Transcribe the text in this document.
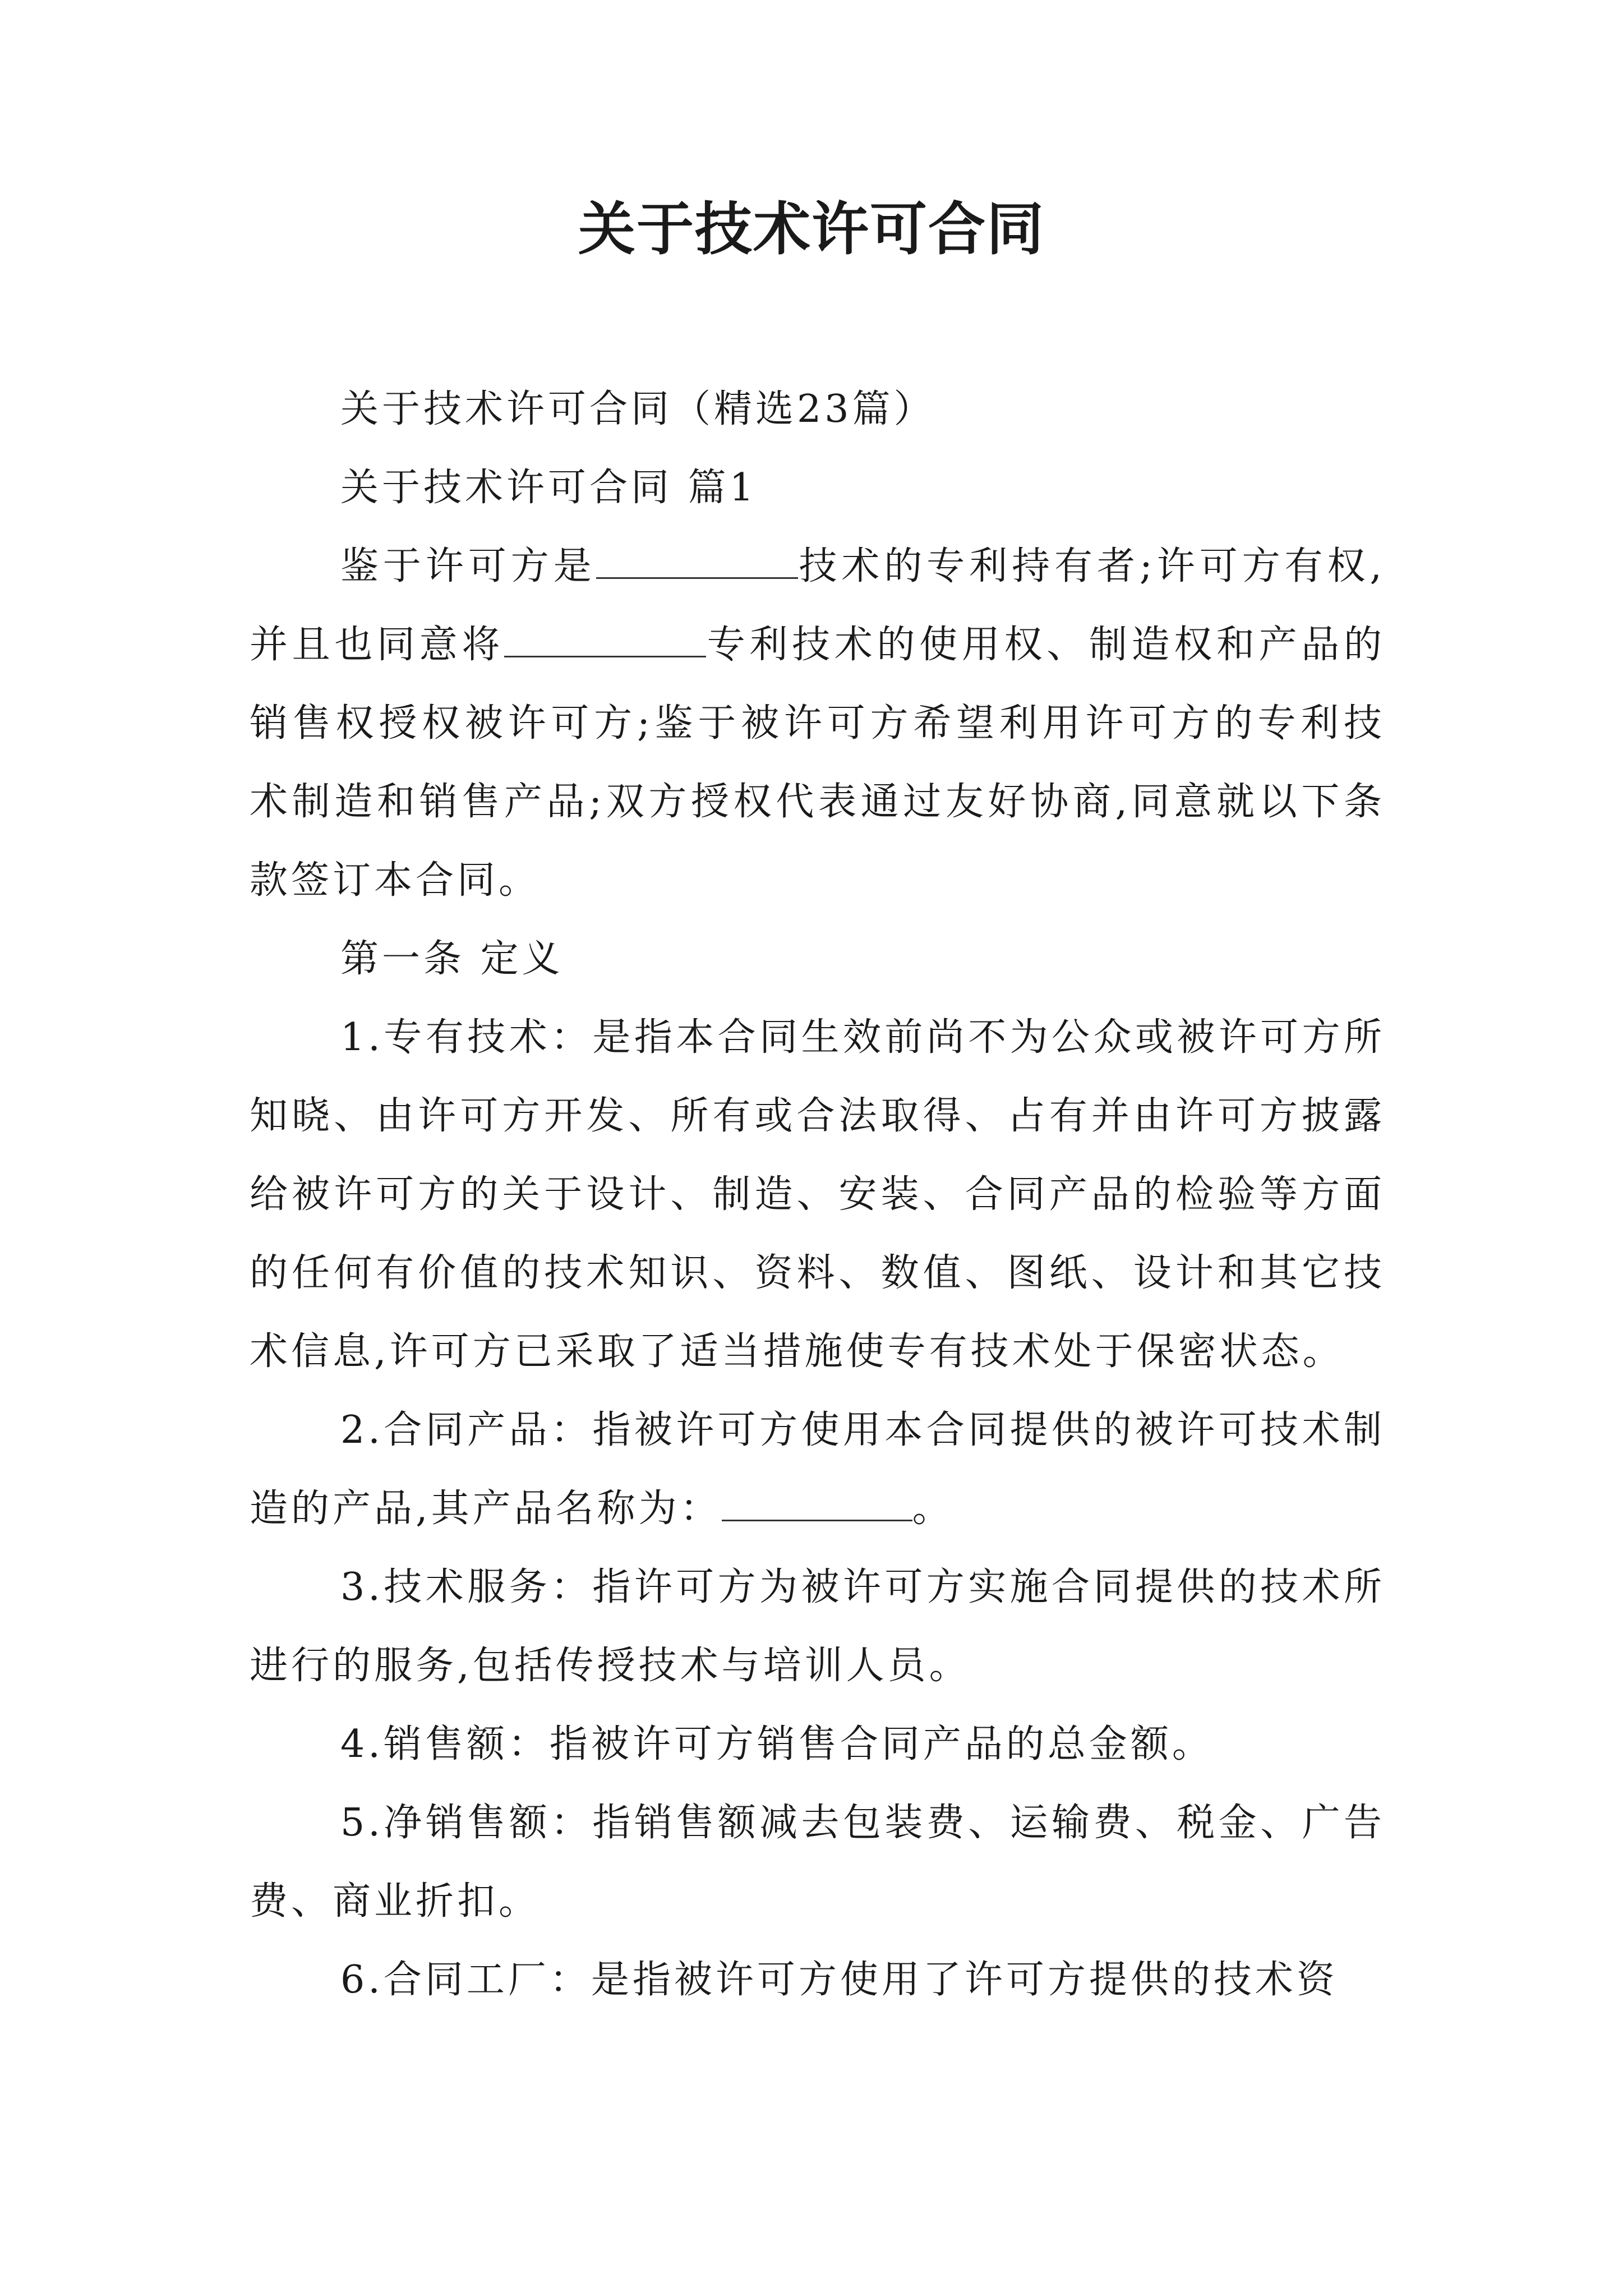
关于技术许可合同

关于技术许可合同（精选23篇）

关于技术许可合同 篇1

鉴于许可方是	技术的专利持有者;许可方有权,并且也同意将	专利技术的使用权、制造权和产品的销售权授权被许可方;鉴于被许可方希望利用许可方的专利技术制造和销售产品;双方授权代表通过友好协商,同意就以下条款签订本合同。

第一条 定义

1.专有技术：是指本合同生效前尚不为公众或被许可方所知晓、由许可方开发、所有或合法取得、占有并由许可方披露给被许可方的关于设计、制造、安装、合同产品的检验等方面的任何有价值的技术知识、资料、数值、图纸、设计和其它技术信息,许可方已采取了适当措施使专有技术处于保密状态。

2.合同产品：指被许可方使用本合同提供的被许可技术制造的产品,其产品名称为：	。

3.技术服务：指许可方为被许可方实施合同提供的技术所进行的服务,包括传授技术与培训人员。

4.销售额：指被许可方销售合同产品的总金额。

5.净销售额：指销售额减去包装费、运输费、税金、广告费、商业折扣。

6.合同工厂：是指被许可方使用了许可方提供的技术资
